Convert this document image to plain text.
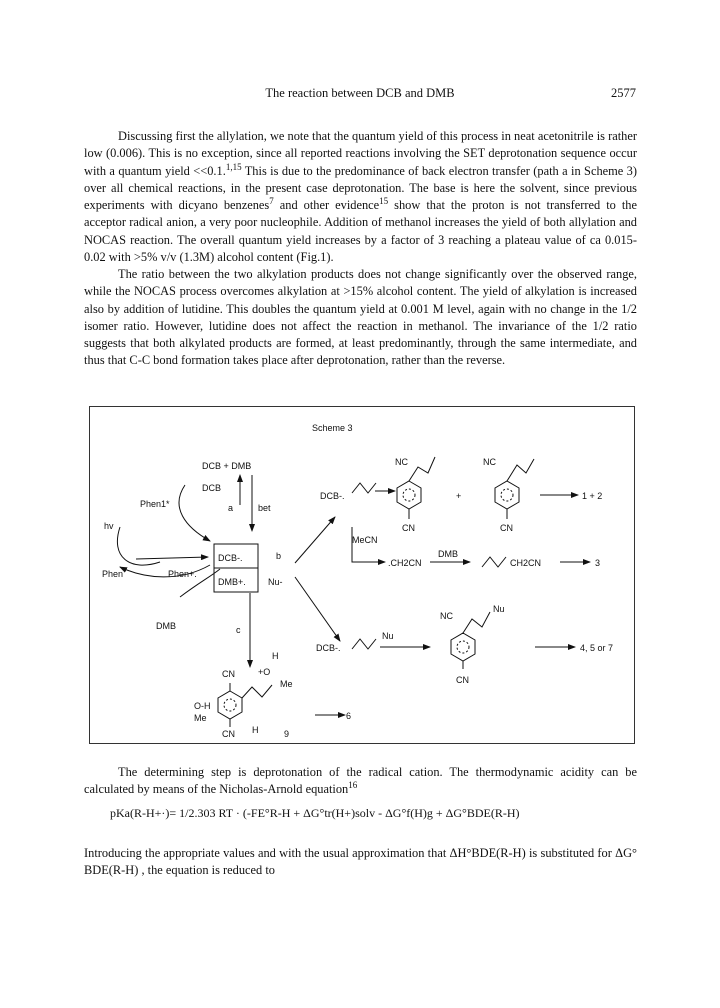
The reaction between DCB and DMB	2577

Discussing first the allylation, we note that the quantum yield of this process in neat acetonitrile is rather low (0.006). This is no exception, since all reported reactions involving the SET deprotonation sequence occur with a quantum yield <<0.1.$^{1,15}$ This is due to the predominance of back electron transfer (path a in Scheme 3) over all chemical reactions, in the present case deprotonation. The base is here the solvent, since previous experiments with dicyano benzenes$^7$ and other evidence$^{15}$ show that the proton is not transferred to the acceptor radical anion, a very poor nucleophile. Addition of methanol increases the yield of both allylation and NOCAS reaction. The overall quantum yield increases by a factor of 3 reaching a plateau value of ca 0.015-0.02 with >5% v/v (1.3M) alcohol content (Fig.1).

The ratio between the two alkylation products does not change significantly over the observed range, while the NOCAS process overcomes alkylation at >15% alcohol content. The yield of alkylation is increased also by addition of lutidine. This doubles the quantum yield at 0.001 M level, again with no change in the 1/2 isomer ratio. However, lutidine does not affect the reaction in methanol. The invariance of the 1/2 ratio suggests that both alkylated products are formed, at least predominantly, through the same intermediate, and thus that C-C bond formation takes place after deprotonation, rather than the reverse.

Scheme 3
DCB + DMB
DCB
Phen1*
hv
a	bet
Phen	Phen+.
DCB-.
DMB+.
b
Nu-
c
DMB
DCB-.
NC	NC
CN	CN
+	1 + 2
MeCN
.CH2CN
DMB
CH2CN	3
DCB-.
Nu
NC
Nu
CN
4, 5 or 7
6
9
H
Me
+O
CN
O-H
Me
CN H

The determining step is deprotonation of the radical cation. The thermodynamic acidity can be calculated by means of the Nicholas-Arnold equation$^{16}$

pKa(R-H+·)= 1/2.303 RT · (-FE°R-H + ΔG°tr(H+)solv - ΔG°f(H)g + ΔG°BDE(R-H)

Introducing the appropriate values and with the usual approximation that ΔH°BDE(R-H) is substituted for ΔG° BDE(R-H) , the equation is reduced to
